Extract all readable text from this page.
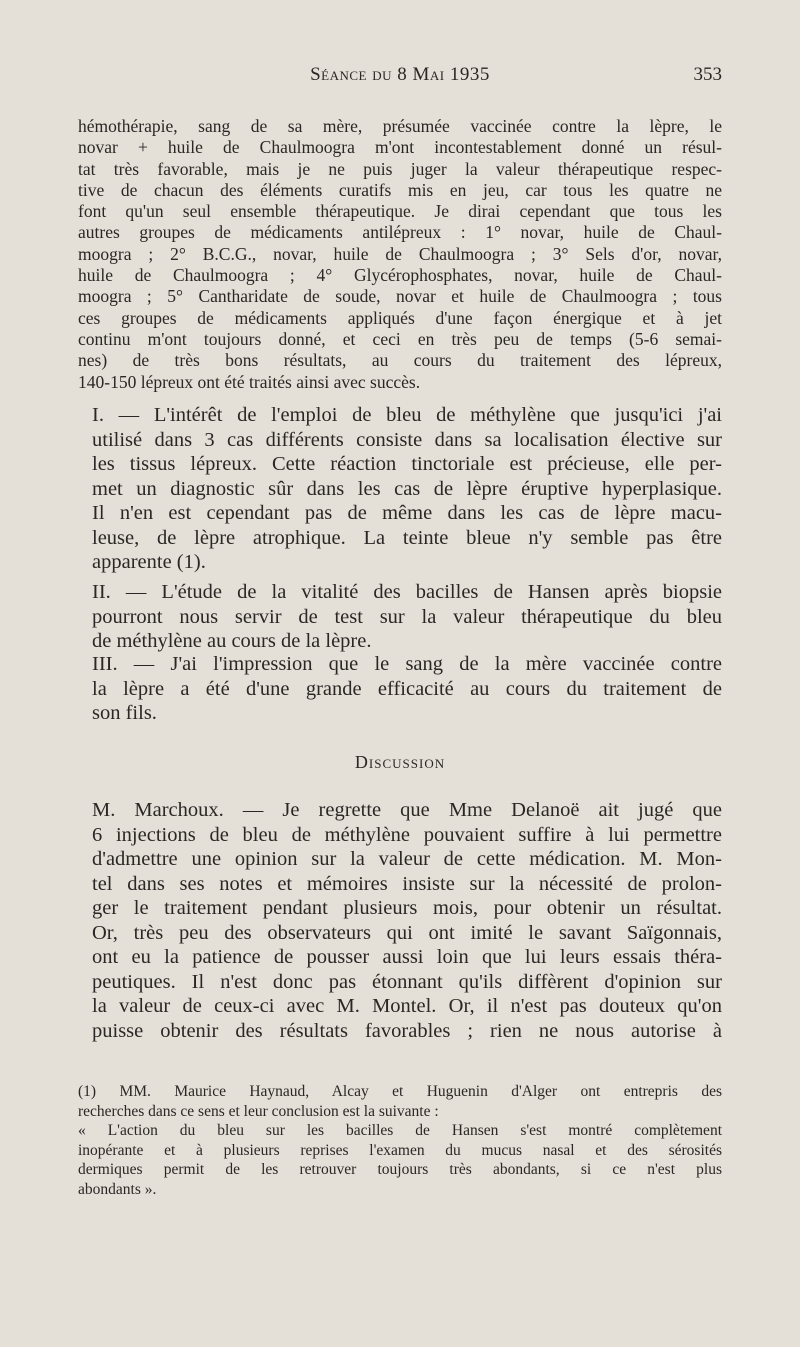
Séance du 8 Mai 1935	353
hémothérapie, sang de sa mère, présumée vaccinée contre la lèpre, le
novar + huile de Chaulmoogra m'ont incontestablement donné un résul-
tat très favorable, mais je ne puis juger la valeur thérapeutique respec-
tive de chacun des éléments curatifs mis en jeu, car tous les quatre ne
font qu'un seul ensemble thérapeutique. Je dirai cependant que tous les
autres groupes de médicaments antilépreux : 1° novar, huile de Chaul-
moogra ; 2° B.C.G., novar, huile de Chaulmoogra ; 3° Sels d'or, novar,
huile de Chaulmoogra ; 4° Glycérophosphates, novar, huile de Chaul-
moogra ; 5° Cantharidate de soude, novar et huile de Chaulmoogra ; tous
ces groupes de médicaments appliqués d'une façon énergique et à jet
continu m'ont toujours donné, et ceci en très peu de temps (5-6 semai-
nes) de très bons résultats, au cours du traitement des lépreux,
140-150 lépreux ont été traités ainsi avec succès.
I. — L'intérêt de l'emploi de bleu de méthylène que jusqu'ici j'ai
utilisé dans 3 cas différents consiste dans sa localisation élective sur
les tissus lépreux. Cette réaction tinctoriale est précieuse, elle per-
met un diagnostic sûr dans les cas de lèpre éruptive hyperplasique.
Il n'en est cependant pas de même dans les cas de lèpre macu-
leuse, de lèpre atrophique. La teinte bleue n'y semble pas être
apparente (1).
II. — L'étude de la vitalité des bacilles de Hansen après biopsie
pourront nous servir de test sur la valeur thérapeutique du bleu
de méthylène au cours de la lèpre.
III. — J'ai l'impression que le sang de la mère vaccinée contre
la lèpre a été d'une grande efficacité au cours du traitement de
son fils.
Discussion
M. Marchoux. — Je regrette que Mme Delanoë ait jugé que
6 injections de bleu de méthylène pouvaient suffire à lui permettre
d'admettre une opinion sur la valeur de cette médication. M. Mon-
tel dans ses notes et mémoires insiste sur la nécessité de prolon-
ger le traitement pendant plusieurs mois, pour obtenir un résultat.
Or, très peu des observateurs qui ont imité le savant Saïgonnais,
ont eu la patience de pousser aussi loin que lui leurs essais théra-
peutiques. Il n'est donc pas étonnant qu'ils diffèrent d'opinion sur
la valeur de ceux-ci avec M. Montel. Or, il n'est pas douteux qu'on
puisse obtenir des résultats favorables ; rien ne nous autorise à
(1) MM. Maurice Haynaud, Alcay et Huguenin d'Alger ont entrepris des
recherches dans ce sens et leur conclusion est la suivante :
« L'action du bleu sur les bacilles de Hansen s'est montré complètement
inopérante et à plusieurs reprises l'examen du mucus nasal et des sérosités
dermiques permit de les retrouver toujours très abondants, si ce n'est plus
abondants ».
